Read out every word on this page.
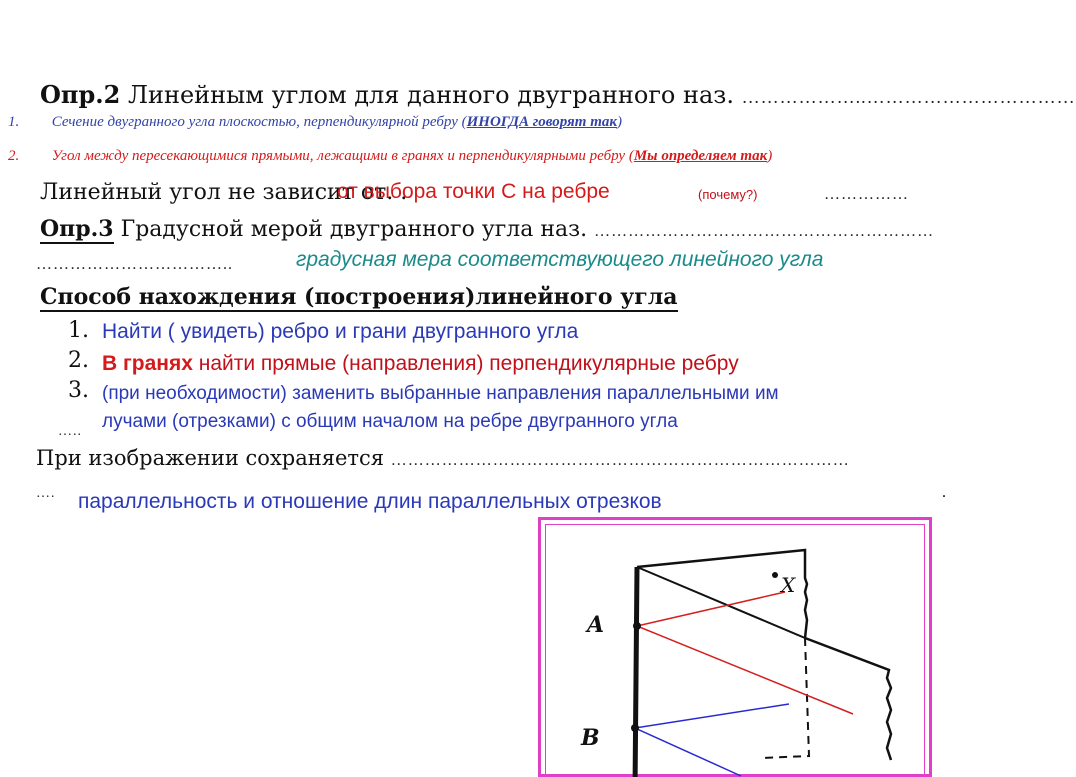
Опр.2 Линейным углом для данного двугранного наз. ………………..……………………………
1. Сечение двугранного угла плоскостью, перпендикулярной ребру (ИНОГДА говорят так)
2. Угол между пересекающимися прямыми, лежащими в гранях и перпендикулярными ребру (Мы определяем так)
Линейный угол не зависит от. .
от выбора точки С на ребре	(почему?)	……………
Опр.3 Градусной мерой двугранного угла наз. ……………………………………………………
……………………………..	градусная мера соответствующего линейного угла
Способ нахождения (построения)линейного угла
1. Найти ( увидеть) ребро и грани двугранного угла
2. В гранях найти прямые (направления) перпендикулярные ребру
3. (при необходимости) заменить выбранные направления параллельными им
лучами (отрезками) с общим началом на ребре двугранного угла
…..
При изображении сохраняется ………………………………………………………………………
…. параллельность и отношение длин параллельных отрезков	.
A
B
X
